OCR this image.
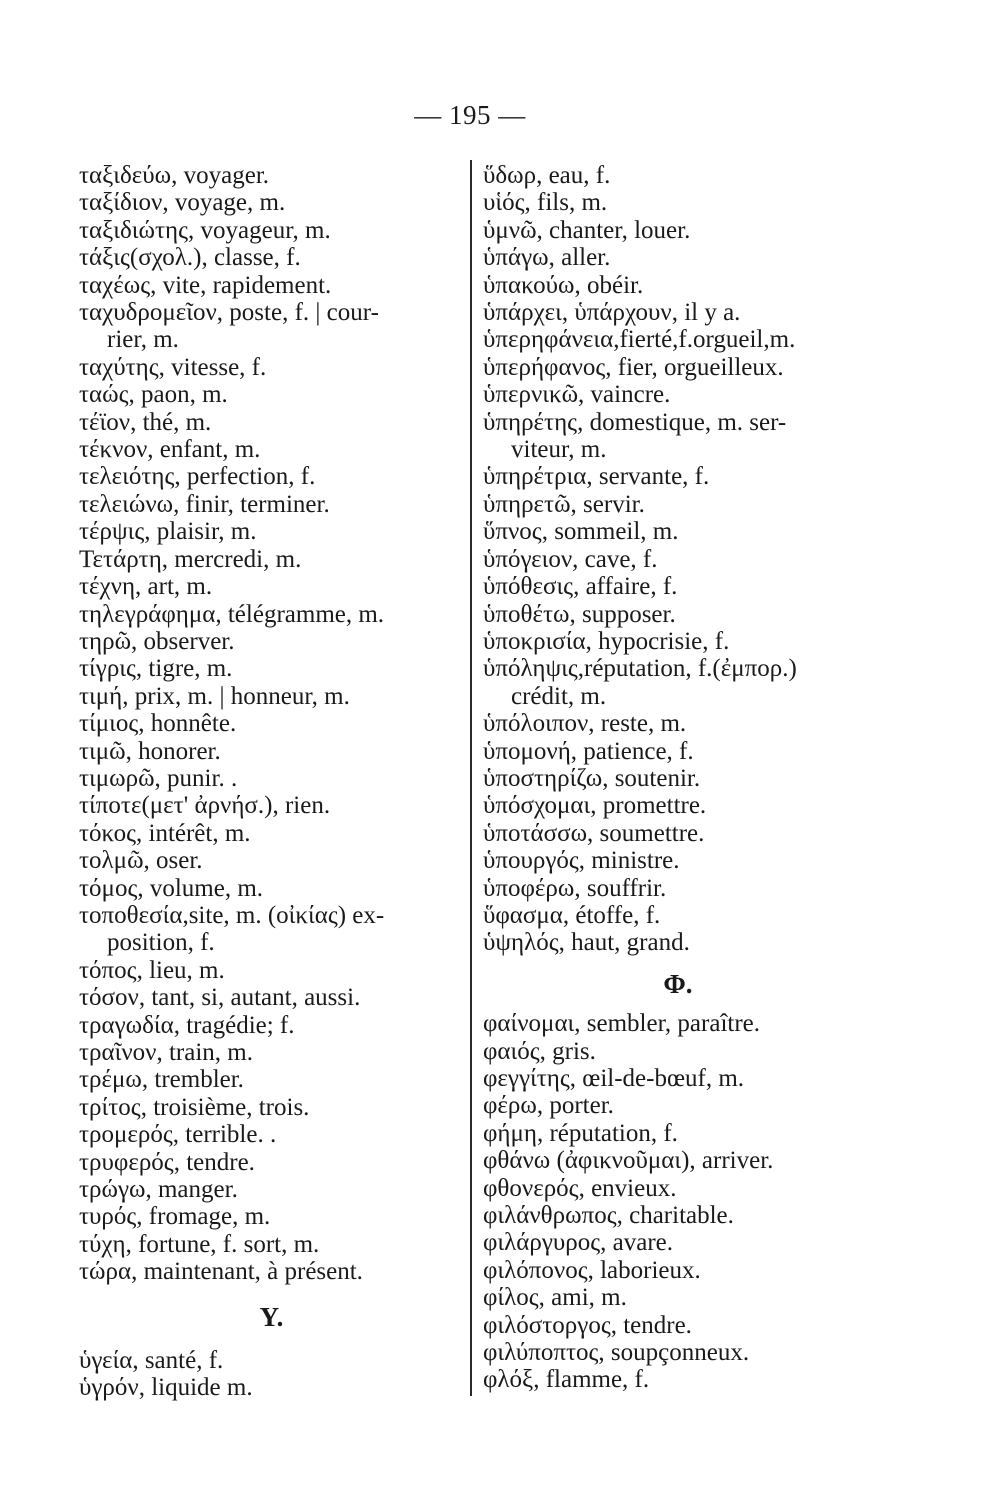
— 195 —
ταξιδεύω, voyager.
ταξίδιον, voyage, m.
ταξιδιώτης, voyageur, m.
τάξις(σχολ.), classe, f.
ταχέως, vite, rapidement.
ταχυδρομεῖον, poste, f. | cour-
rier, m.
ταχύτης, vitesse, f.
ταώς, paon, m.
τέϊον, thé, m.
τέκνον, enfant, m.
τελειότης, perfection, f.
τελειώνω, finir, terminer.
τέρψις, plaisir, m.
Τετάρτη, mercredi, m.
τέχνη, art, m.
τηλεγράφημα, télégramme, m.
τηρῶ, observer.
τίγρις, tigre, m.
τιμή, prix, m. | honneur, m.
τίμιος, honnête.
τιμῶ, honorer.
τιμωρῶ, punir. .
τίποτε(μετ' ἀρνήσ.), rien.
τόκος, intérêt, m.
τολμῶ, oser.
τόμος, volume, m.
τοποθεσία,site, m. (οἰκίας) ex-
position, f.
τόπος, lieu, m.
τόσον, tant, si, autant, aussi.
τραγωδία, tragédie; f.
τραῖνον, train, m.
τρέμω, trembler.
τρίτος, troisième, trois.
τρομερός, terrible. .
τρυφερός, tendre.
τρώγω, manger.
τυρός, fromage, m.
τύχη, fortune, f. sort, m.
τώρα, maintenant, à présent.
Υ.
ὑγεία, santé, f.
ὑγρόν, liquide m.
ὕδωρ, eau, f.
υἱός, fils, m.
ὑμνῶ, chanter, louer.
ὑπάγω, aller.
ὑπακούω, obéir.
ὑπάρχει, ὑπάρχουν, il y a.
ὑπερηφάνεια,fierté,f.orgueil,m.
ὑπερήφανος, fier, orgueilleux.
ὑπερνικῶ, vaincre.
ὑπηρέτης, domestique, m. ser-
viteur, m.
ὑπηρέτρια, servante, f.
ὑπηρετῶ, servir.
ὕπνος, sommeil, m.
ὑπόγειον, cave, f.
ὑπόθεσις, affaire, f.
ὑποθέτω, supposer.
ὑποκρισία, hypocrisie, f.
ὑπόληψις,réputation, f.(ἐμπορ.)
crédit, m.
ὑπόλοιπον, reste, m.
ὑπομονή, patience, f.
ὑποστηρίζω, soutenir.
ὑπόσχομαι, promettre.
ὑποτάσσω, soumettre.
ὑπουργός, ministre.
ὑποφέρω, souffrir.
ὕφασμα, étoffe, f.
ὑψηλός, haut, grand.
Φ.
φαίνομαι, sembler, paraître.
φαιός, gris.
φεγγίτης, œil-de-bœuf, m.
φέρω, porter.
φήμη, réputation, f.
φθάνω (ἀφικνοῦμαι), arriver.
φθονερός, envieux.
φιλάνθρωπος, charitable.
φιλάργυρος, avare.
φιλόπονος, laborieux.
φίλος, ami, m.
φιλόστοργος, tendre.
φιλύποπτος, soupçonneux.
φλόξ, flamme, f.
